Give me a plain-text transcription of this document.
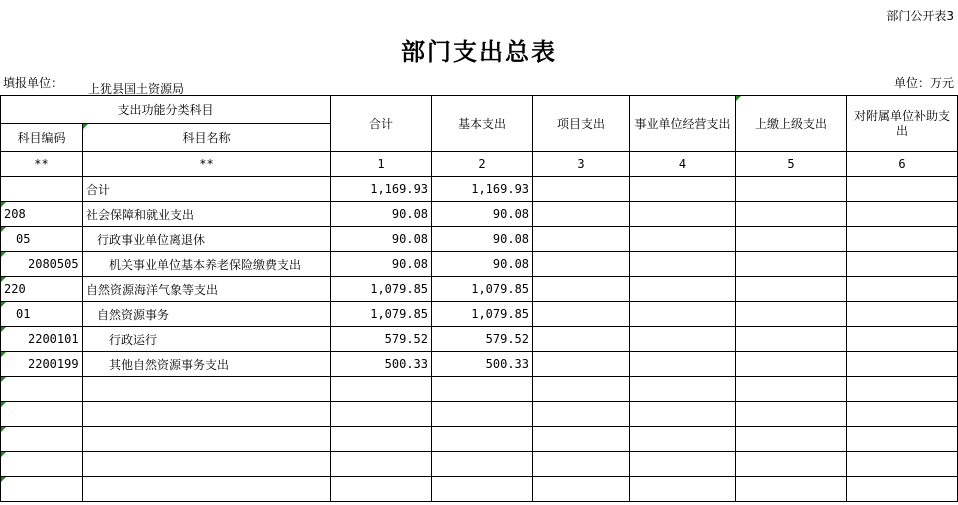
部门公开表3
部门支出总表
填报单位： 上犹县国土资源局	单位：万元
支出功能分类科目		合计	基本支出	项目支出	事业单位经营支出	上缴上级支出	对附属单位补助支出
科目编码	科目名称						
**	**	1	2	3	4	5	6
	合计	1,169.93	1,169.93				
208	社会保障和就业支出	90.08	90.08				
05	行政事业单位离退休	90.08	90.08				
2080505	机关事业单位基本养老保险缴费支出	90.08	90.08				
220	自然资源海洋气象等支出	1,079.85	1,079.85				
01	自然资源事务	1,079.85	1,079.85				
2200101	行政运行	579.52	579.52				
2200199	其他自然资源事务支出	500.33	500.33				
